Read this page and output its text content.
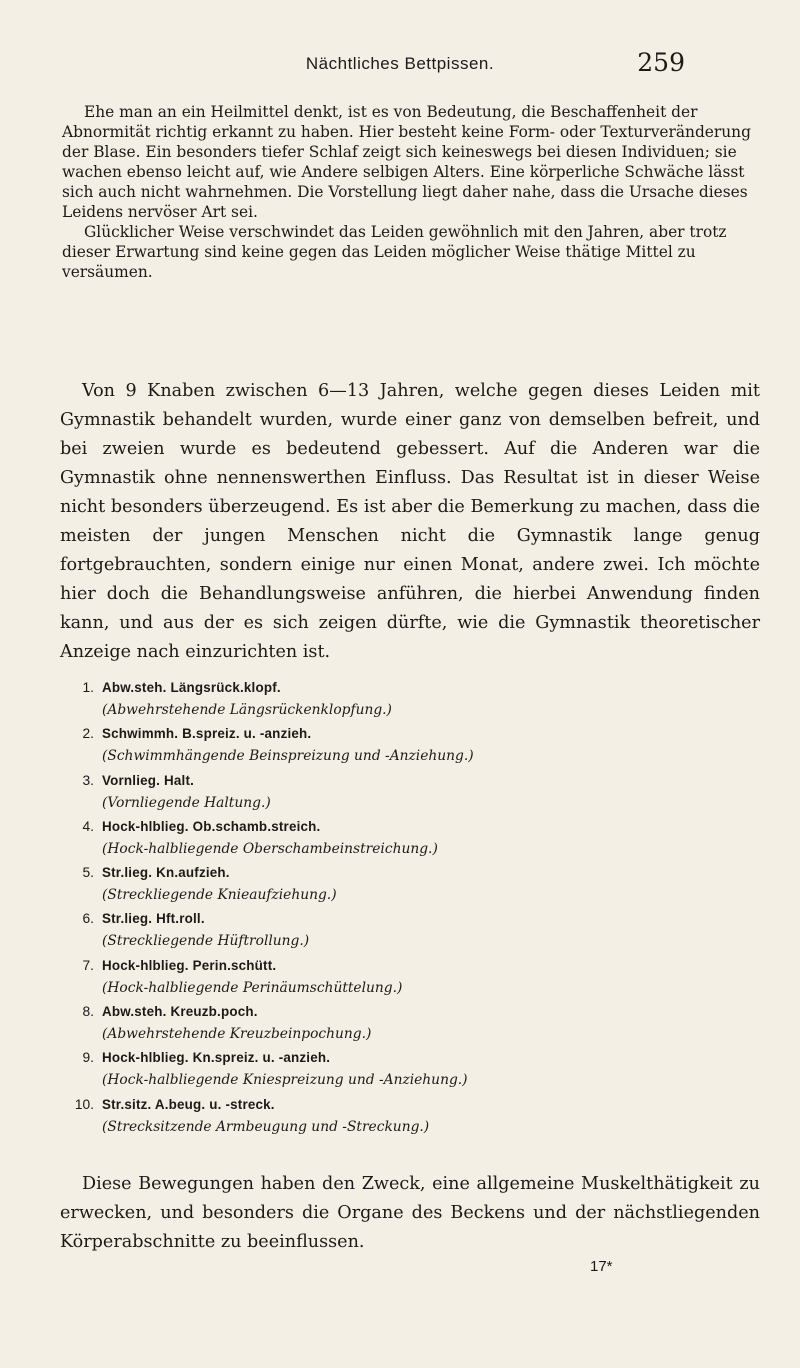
Nächtliches Bettpissen.	259

Ehe man an ein Heilmittel denkt, ist es von Bedeutung, die Beschaffenheit der Abnormität richtig erkannt zu haben. Hier besteht keine Form- oder Texturveränderung der Blase. Ein besonders tiefer Schlaf zeigt sich keineswegs bei diesen Individuen; sie wachen ebenso leicht auf, wie Andere selbigen Alters. Eine körperliche Schwäche lässt sich auch nicht wahrnehmen. Die Vorstellung liegt daher nahe, dass die Ursache dieses Leidens nervöser Art sei.

Glücklicher Weise verschwindet das Leiden gewöhnlich mit den Jahren, aber trotz dieser Erwartung sind keine gegen das Leiden möglicher Weise thätige Mittel zu versäumen.

Von 9 Knaben zwischen 6—13 Jahren, welche gegen dieses Leiden mit Gymnastik behandelt wurden, wurde einer ganz von demselben befreit, und bei zweien wurde es bedeutend gebessert. Auf die Anderen war die Gymnastik ohne nennenswerthen Einfluss. Das Resultat ist in dieser Weise nicht besonders überzeugend. Es ist aber die Bemerkung zu machen, dass die meisten der jungen Menschen nicht die Gymnastik lange genug fortgebrauchten, sondern einige nur einen Monat, andere zwei. Ich möchte hier doch die Behandlungsweise anführen, die hierbei Anwendung finden kann, und aus der es sich zeigen dürfte, wie die Gymnastik theoretischer Anzeige nach einzurichten ist.

1. Abw.steh. Längsrück.klopf.
(Abwehrstehende Längsrückenklopfung.)
2. Schwimmh. B.spreiz. u. -anzieh.
(Schwimmhängende Beinspreizung und -Anziehung.)
3. Vornlieg. Halt.
(Vornliegende Haltung.)
4. Hock-hlblieg. Ob.schamb.streich.
(Hock-halbliegende Oberschambeinstreichung.)
5. Str.lieg. Kn.aufzieh.
(Streckliegende Knieaufziehung.)
6. Str.lieg. Hft.roll.
(Streckliegende Hüftrollung.)
7. Hock-hlblieg. Perin.schütt.
(Hock-halbliegende Perinäumschüttelung.)
8. Abw.steh. Kreuzb.poch.
(Abwehrstehende Kreuzbeinpochung.)
9. Hock-hlblieg. Kn.spreiz. u. -anzieh.
(Hock-halbliegende Kniespreizung und -Anziehung.)
10. Str.sitz. A.beug. u. -streck.
(Strecksitzende Armbeugung und -Streckung.)

Diese Bewegungen haben den Zweck, eine allgemeine Muskelthätigkeit zu erwecken, und besonders die Organe des Beckens und der nächstliegenden Körperabschnitte zu beeinflussen.

17*
